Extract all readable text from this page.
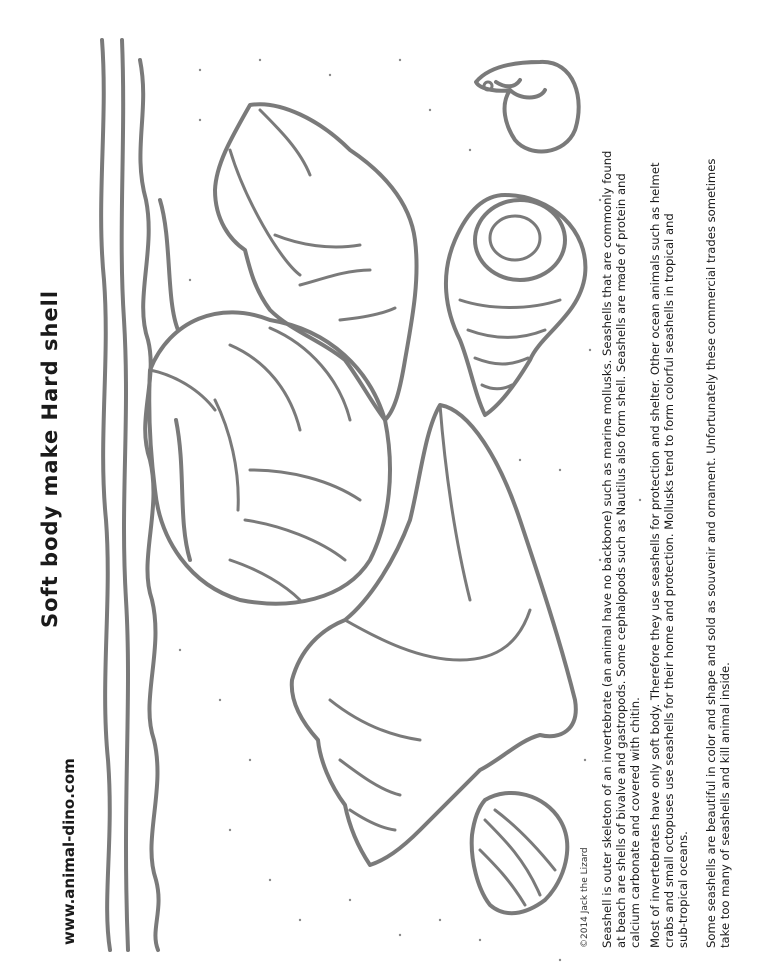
Soft body make Hard shell
www.animal-dino.com	©2014 Jack the Lizard Seashell is outer skeleton of an invertebrate (an animal have no backbone) such as marine mollusks. Seashells that are commonly found at beach are shells of bivalve and gastropods. Some cephalopods such as Nautilus also form shell. Seashells are made of protein and calcium carbonate and covered with chitin. Most of invertebrates have only soft body. Therefore they use seashells for protection and shelter. Other ocean animals such as helmet crabs and small octopuses use seashells for their home and protection. Mollusks tend to form colorful seashells in tropical and sub-tropical oceans. Some seashells are beautiful in color and shape and sold as souvenir and ornament. Unfortunately these commercial trades sometimes take too many of seashells and kill animal inside.
